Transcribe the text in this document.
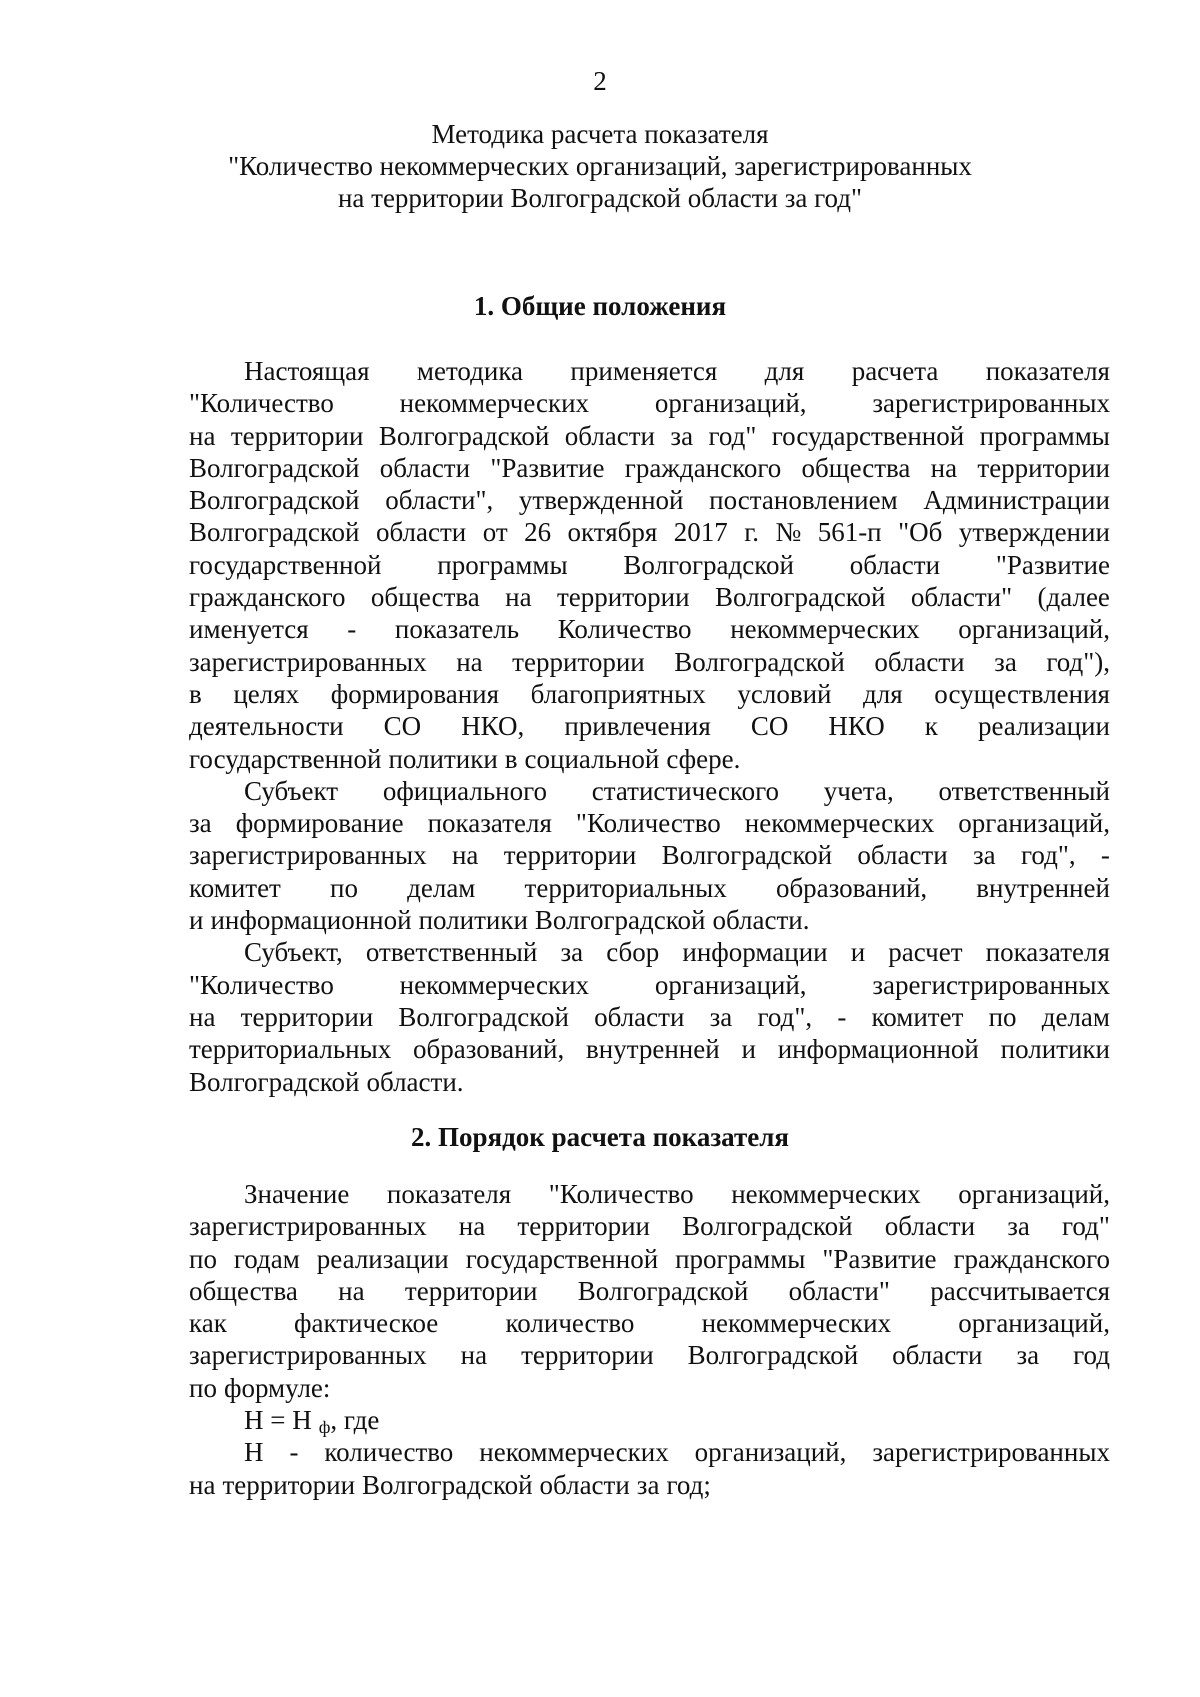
2
Методика расчета показателя
"Количество некоммерческих организаций, зарегистрированных
на территории Волгоградской области за год"
1. Общие положения
Настоящая методика применяется для расчета показателя
"Количество некоммерческих организаций, зарегистрированных
на территории Волгоградской области за год" государственной программы
Волгоградской области "Развитие гражданского общества на территории
Волгоградской области", утвержденной постановлением Администрации
Волгоградской области от 26 октября 2017 г. № 561-п "Об утверждении
государственной программы Волгоградской области "Развитие
гражданского общества на территории Волгоградской области" (далее
именуется - показатель Количество некоммерческих организаций,
зарегистрированных на территории Волгоградской области за год"),
в целях формирования благоприятных условий для осуществления
деятельности СО НКО, привлечения СО НКО к реализации
государственной политики в социальной сфере.
Субъект официального статистического учета, ответственный
за формирование показателя "Количество некоммерческих организаций,
зарегистрированных на территории Волгоградской области за год", -
комитет по делам территориальных образований, внутренней
и информационной политики Волгоградской области.
Субъект, ответственный за сбор информации и расчет показателя
"Количество некоммерческих организаций, зарегистрированных
на территории Волгоградской области за год", - комитет по делам
территориальных образований, внутренней и информационной политики
Волгоградской области.
2. Порядок расчета показателя
Значение показателя "Количество некоммерческих организаций,
зарегистрированных на территории Волгоградской области за год"
по годам реализации государственной программы "Развитие гражданского
общества на территории Волгоградской области" рассчитывается
как фактическое количество некоммерческих организаций,
зарегистрированных на территории Волгоградской области за год
по формуле:
Н = Н $_ф$, где
Н - количество некоммерческих организаций, зарегистрированных
на территории Волгоградской области за год;
